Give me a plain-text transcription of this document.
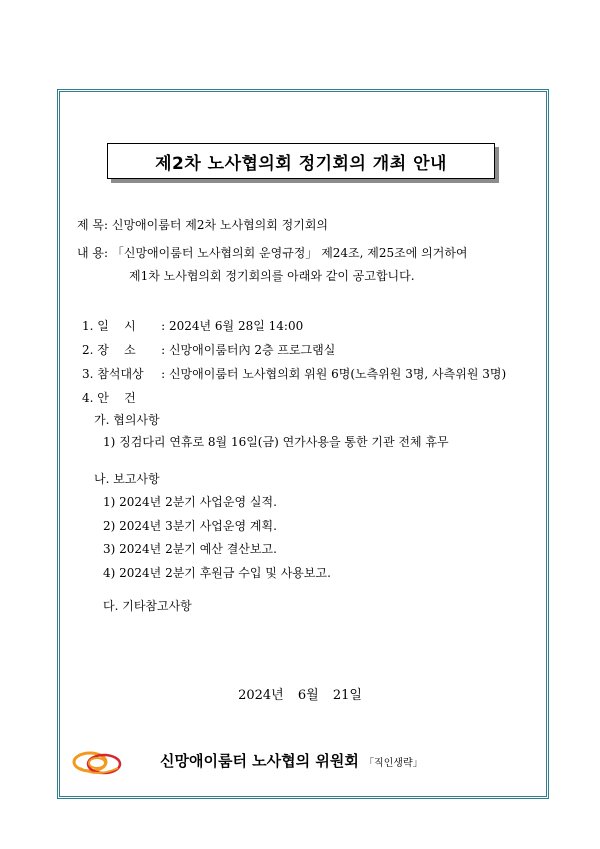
제2차 노사협의회 정기회의 개최 안내
제 목: 신망애이룸터 제2차 노사협의회 정기회의
내 용: 「신망애이룸터 노사협의회 운영규정」 제24조, 제25조에 의거하여
제1차 노사협의회 정기회의를 아래와 같이 공고합니다.
1. 일    시 : 2024년 6월 28일 14:00
2. 장    소 : 신망애이룸터內 2층 프로그램실
3. 참석대상 : 신망애이룸터 노사협의회 위원 6명(노측위원 3명, 사측위원 3명)
4. 안    건
가. 협의사항
1) 징검다리 연휴로 8월 16일(금) 연가사용을 통한 기관 전체 휴무
나. 보고사항
1) 2024년 2분기 사업운영 실적.
2) 2024년 3분기 사업운영 계획.
3) 2024년 2분기 예산 결산보고.
4) 2024년 2분기 후원금 수입 및 사용보고.
다. 기타참고사항
2024년 6월 21일
신망애이룸터 노사협의 위원회 「직인생략」
